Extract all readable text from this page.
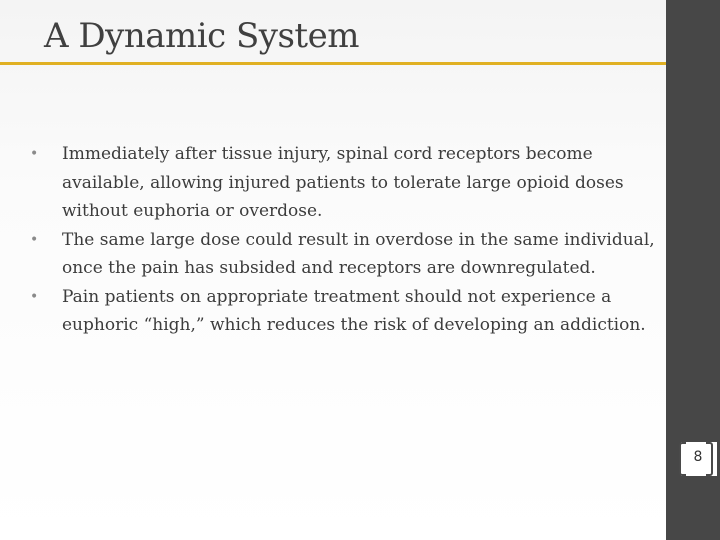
A Dynamic System
•	Immediately after tissue injury, spinal cord receptors become available, allowing injured patients to tolerate large opioid doses without euphoria or overdose.
•	The same large dose could result in overdose in the same individual, once the pain has subsided and receptors are downregulated.
•	Pain patients on appropriate treatment should not experience a euphoric “high,” which reduces the risk of developing an addiction.
8
